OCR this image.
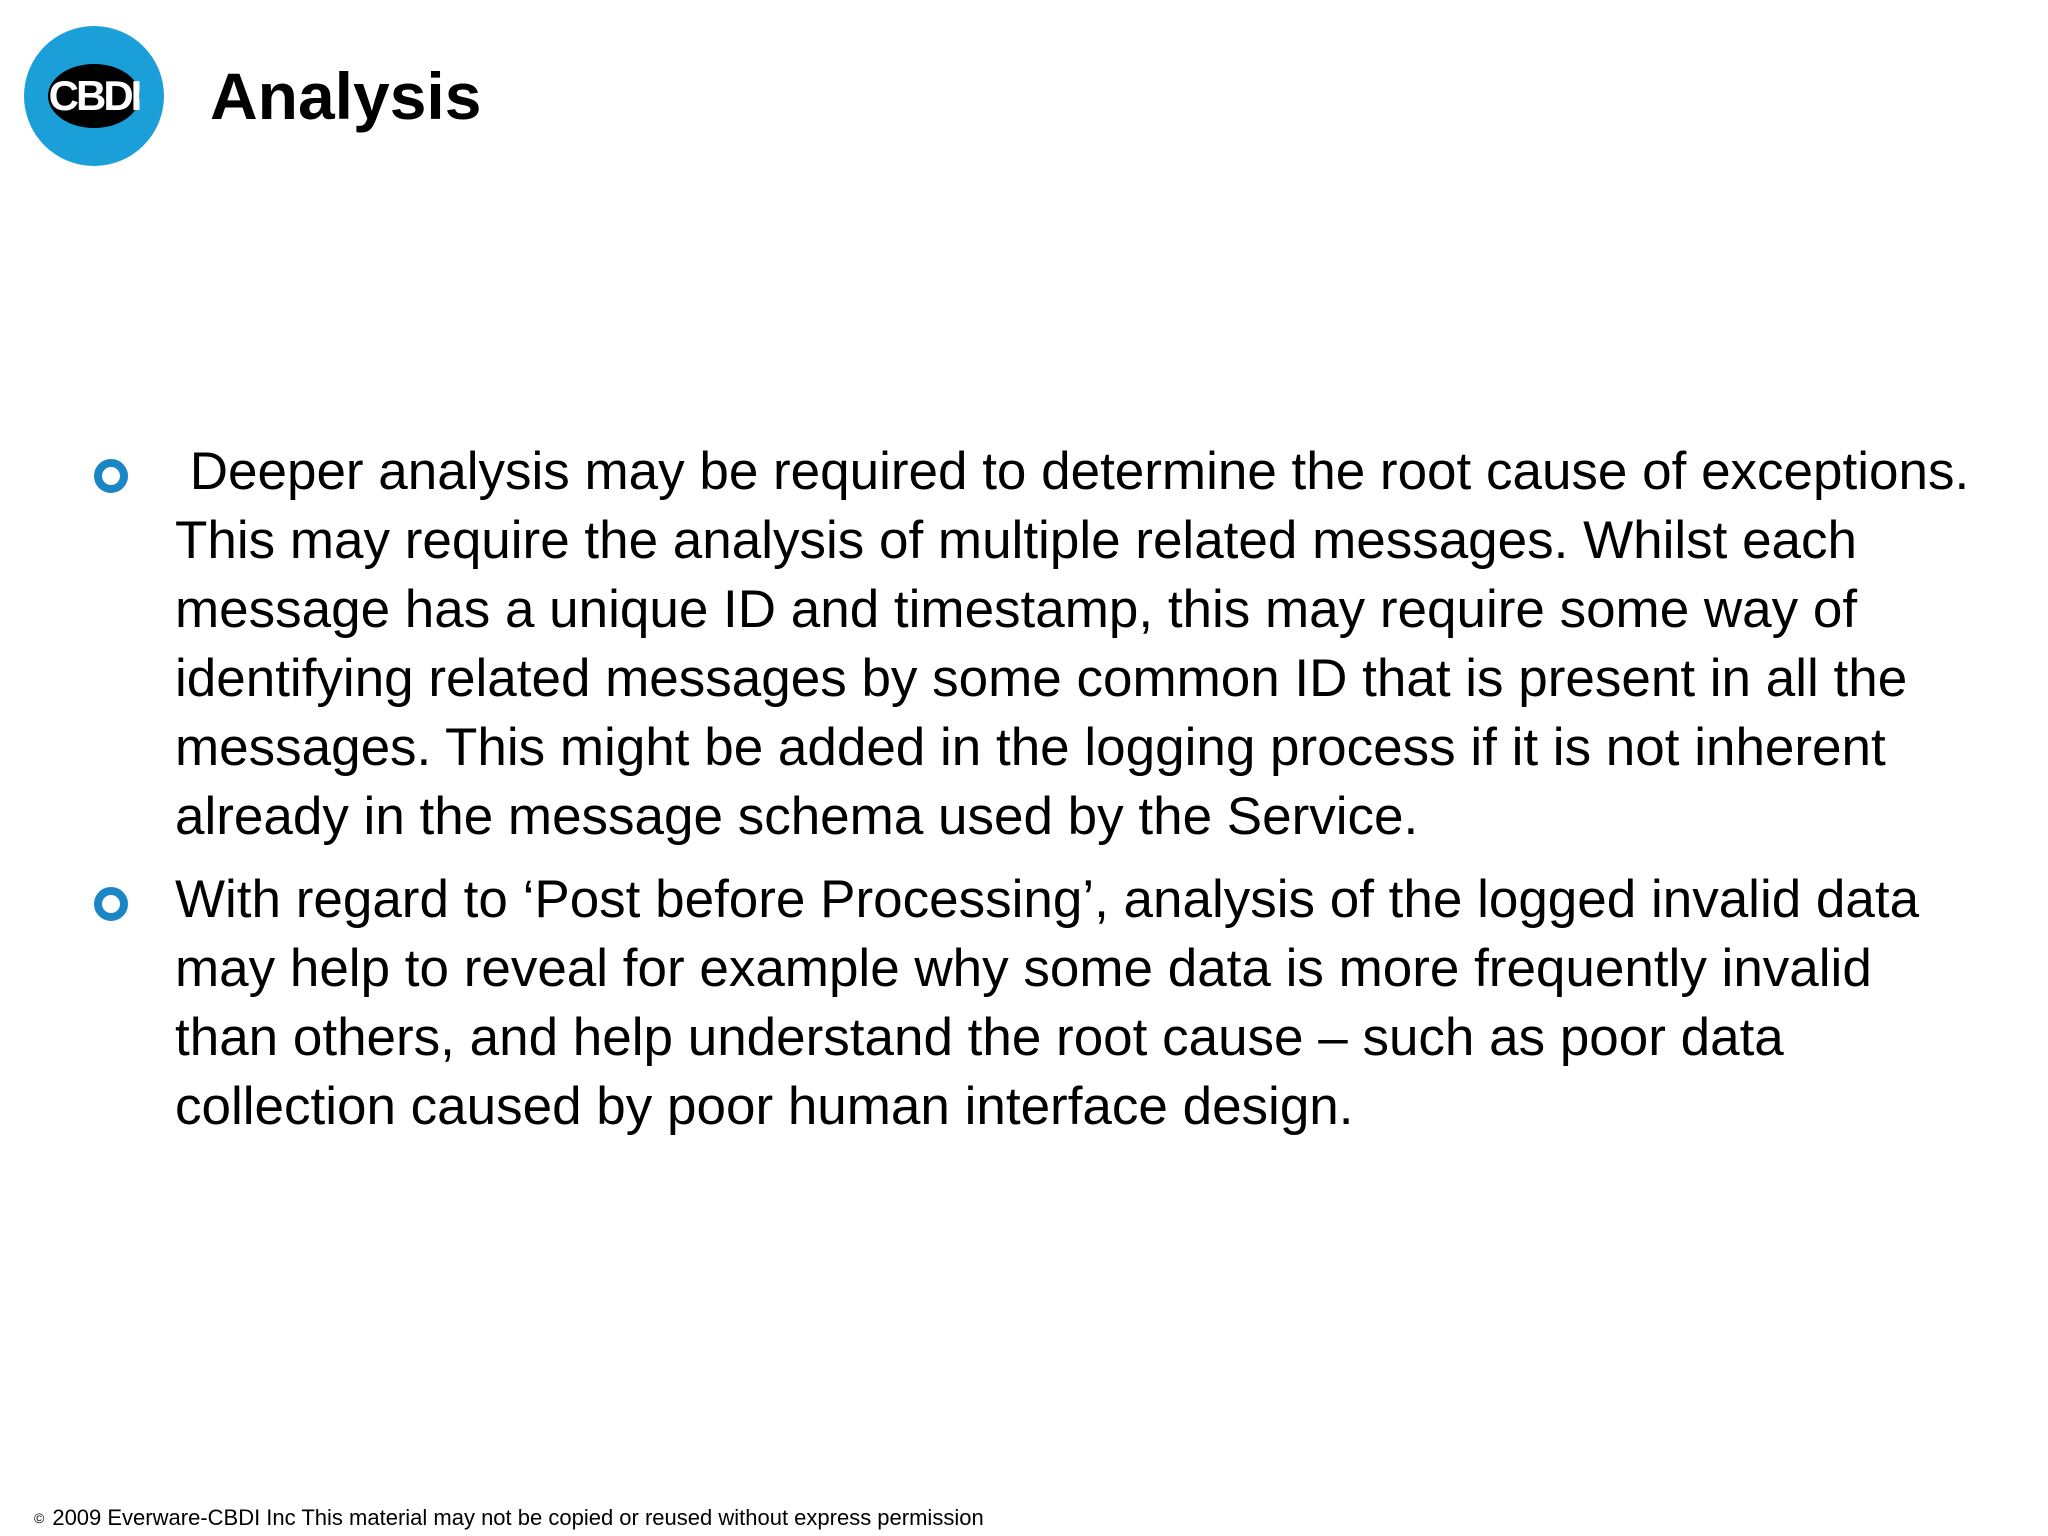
CBDI	Analysis
Deeper analysis may be required to determine the root cause of exceptions. This may require the analysis of multiple related messages. Whilst each message has a unique ID and timestamp, this may require some way of identifying related messages by some common ID that is present in all the messages. This might be added in the logging process if it is not inherent already in the message schema used by the Service.
With regard to ‘Post before Processing’, analysis of the logged invalid data may help to reveal for example why some data is more frequently invalid than others, and help understand the root cause – such as poor data collection caused by poor human interface design.
© 2009 Everware-CBDI Inc This material may not be copied or reused without express permission
